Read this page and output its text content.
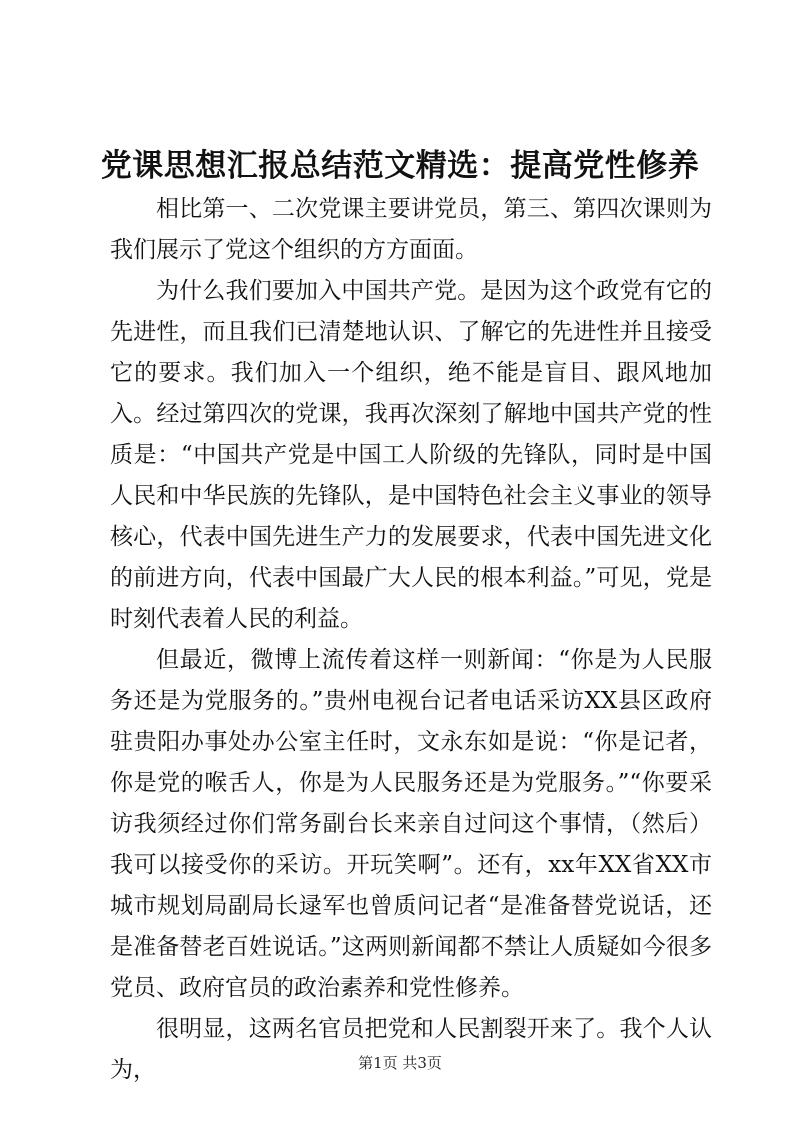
党课思想汇报总结范文精选：提高党性修养

相比第一、二次党课主要讲党员，第三、第四次课则为我们展示了党这个组织的方方面面。

为什么我们要加入中国共产党。是因为这个政党有它的先进性，而且我们已清楚地认识、了解它的先进性并且接受它的要求。我们加入一个组织，绝不能是盲目、跟风地加入。经过第四次的党课，我再次深刻了解地中国共产党的性质是：“中国共产党是中国工人阶级的先锋队，同时是中国人民和中华民族的先锋队，是中国特色社会主义事业的领导核心，代表中国先进生产力的发展要求，代表中国先进文化的前进方向，代表中国最广大人民的根本利益。”可见，党是时刻代表着人民的利益。

但最近，微博上流传着这样一则新闻：“你是为人民服务还是为党服务的。”贵州电视台记者电话采访XX县区政府驻贵阳办事处办公室主任时，文永东如是说：“你是记者，你是党的喉舌人，你是为人民服务还是为党服务。”“你要采访我须经过你们常务副台长来亲自过问这个事情，（然后）我可以接受你的采访。开玩笑啊”。还有，xx年XX省XX市城市规划局副局长逯军也曾质问记者“是准备替党说话，还是准备替老百姓说话。”这两则新闻都不禁让人质疑如今很多党员、政府官员的政治素养和党性修养。

很明显，这两名官员把党和人民割裂开来了。我个人认为，	第1页 共3页
